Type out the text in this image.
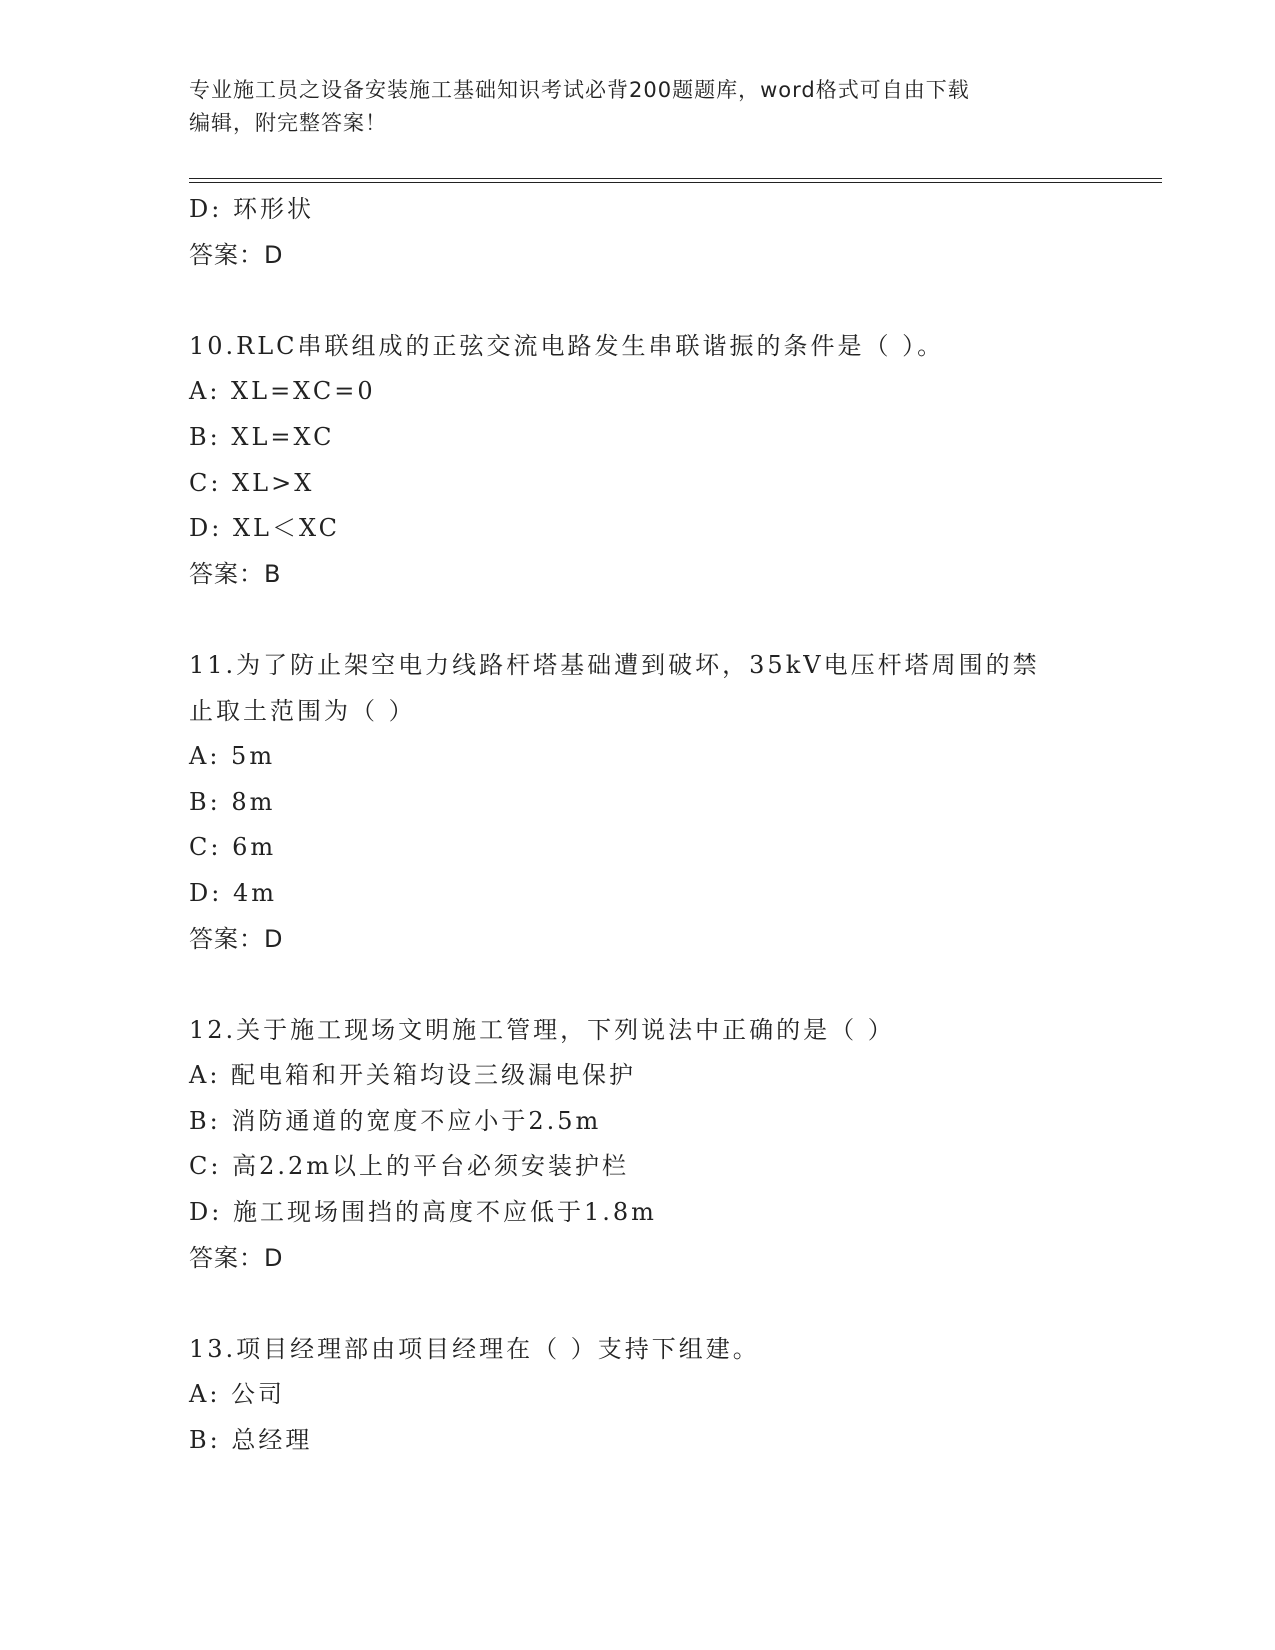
专业施工员之设备安装施工基础知识考试必背200题题库，word格式可自由下载
编辑，附完整答案！
D: 环形状
答案：D
10.RLC串联组成的正弦交流电路发生串联谐振的条件是（ ）。
A: XL=XC=0
B: XL=XC
C: XL>X
D: XL＜XC
答案：B
11.为了防止架空电力线路杆塔基础遭到破坏，35kV电压杆塔周围的禁
止取土范围为（ ）
A: 5m
B: 8m
C: 6m
D: 4m
答案：D
12.关于施工现场文明施工管理，下列说法中正确的是（ ）
A: 配电箱和开关箱均设三级漏电保护
B: 消防通道的宽度不应小于2.5m
C: 高2.2m以上的平台必须安装护栏
D: 施工现场围挡的高度不应低于1.8m
答案：D
13.项目经理部由项目经理在（ ）支持下组建。
A: 公司
B: 总经理
